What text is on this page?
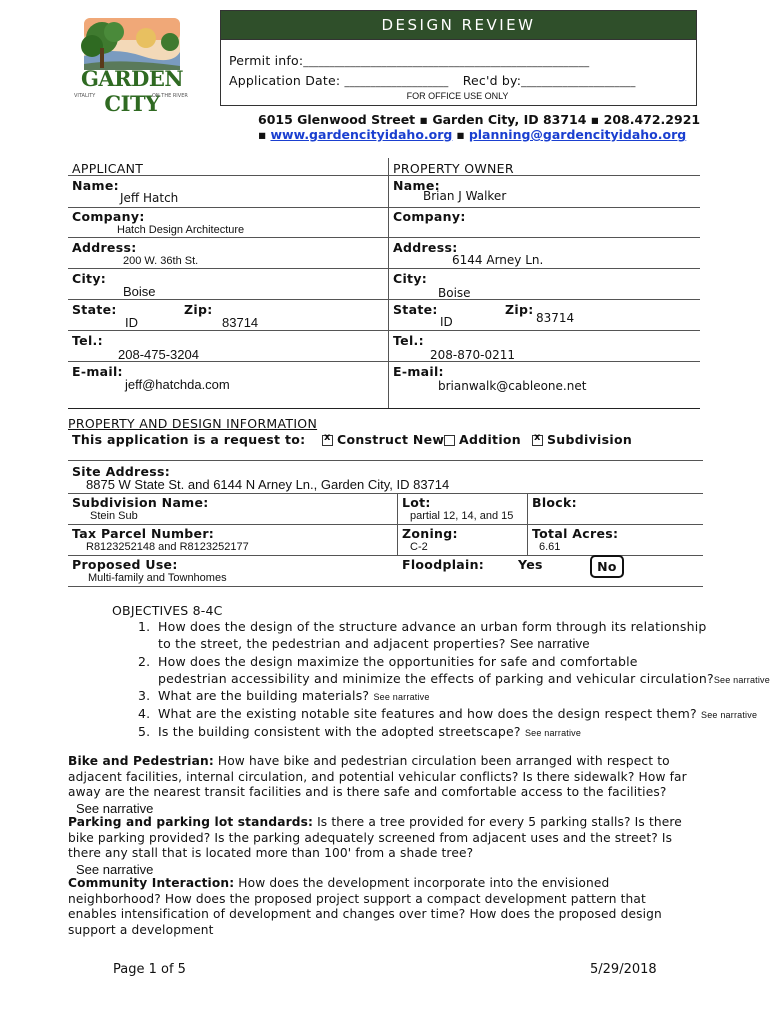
GARDEN CITY
VITALITY	ON THE RIVER
DESIGN REVIEW
Permit info:_______________________________________________________
Application Date: ____________________ Rec'd by:______________________
FOR OFFICE USE ONLY
6015 Glenwood Street ▪ Garden City, ID 83714 ▪ 208.472.2921
▪ www.gardencityidaho.org ▪ planning@gardencityidaho.org
APPLICANT
Name:
Jeff Hatch
Company:
Hatch Design Architecture
Address:
200 W. 36th St.
City:
Boise
State:	Zip:
ID	83714
Tel.:
208-475-3204
E-mail:
jeff@hatchda.com
PROPERTY OWNER
Name:
Brian J Walker
Company:
Address:
6144 Arney Ln.
City:
Boise
State:	Zip:
ID	83714
Tel.:
208-870-0211
E-mail:
brianwalk@cableone.net
PROPERTY AND DESIGN INFORMATION
This application is a request to: x	Construct New	Addition x	Subdivision
Site Address:
8875 W State St. and 6144 N Arney Ln., Garden City, ID 83714
Subdivision Name:
Stein Sub
Lot:
partial 12, 14, and 15
Block:
Tax Parcel Number:
R8123252148 and R8123252177
Zoning:
C-2
Total Acres:
6.61
Proposed Use:
Multi-family and Townhomes
Floodplain:	Yes	No
OBJECTIVES 8-4C
1. How does the design of the structure advance an urban form through its relationship
to the street, the pedestrian and adjacent properties? See narrative
2. How does the design maximize the opportunities for safe and comfortable
pedestrian accessibility and minimize the effects of parking and vehicular circulation?See narrative
3. What are the building materials? See narrative
4. What are the existing notable site features and how does the design respect them? See narrative
5. Is the building consistent with the adopted streetscape? See narrative
Bike and Pedestrian: How have bike and pedestrian circulation been arranged with respect to adjacent facilities, internal circulation, and potential vehicular conflicts? Is there sidewalk? How far away are the nearest transit facilities and is there safe and comfortable access to the facilities?
See narrative
Parking and parking lot standards: Is there a tree provided for every 5 parking stalls? Is there bike parking provided? Is the parking adequately screened from adjacent uses and the street? Is there any stall that is located more than 100' from a shade tree?
See narrative
Community Interaction: How does the development incorporate into the envisioned neighborhood? How does the proposed project support a compact development pattern that enables intensification of development and changes over time? How does the proposed design support a development
Page 1 of 5	5/29/2018
